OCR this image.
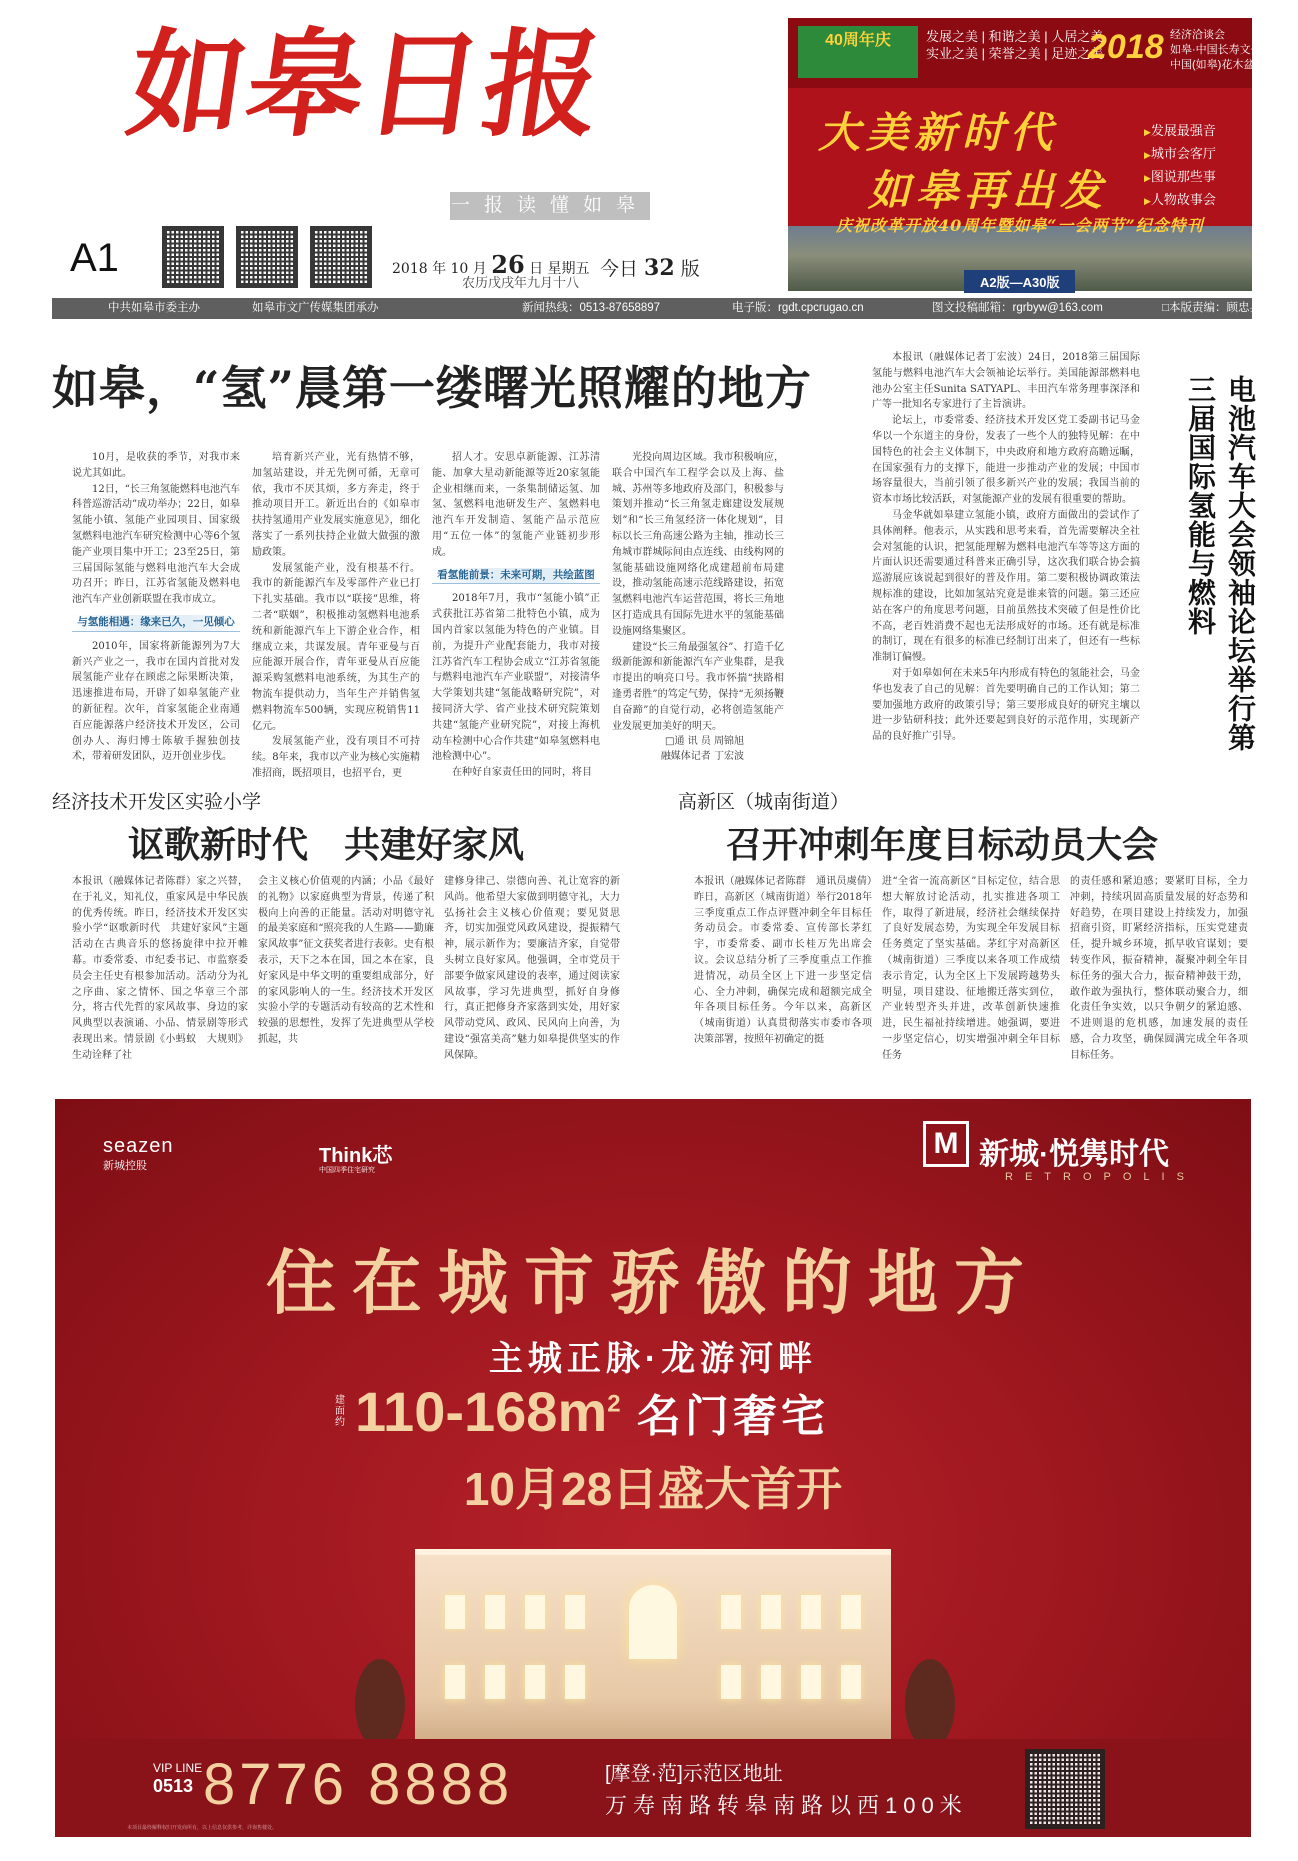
如皋日报
一报读懂如皋
A1	2018 年 10 月 26 日 星期五
农历戊戌年九月十八
今日 32 版
40周年庆	发展之美 | 和谐之美 | 人居之美
实业之美 | 荣誉之美 | 足迹之美
2018 经济洽谈会
如皋·中国长寿文化节
中国(如皋)花木盆景艺术节
大美新时代
如皋再出发
▶ 发展最强音
▶ 城市会客厅
▶ 图说那些事
▶ 人物故事会
庆祝改革开放40周年暨如皋“一会两节”纪念特刊
A2版—A30版
中共如皋市委主办	如皋市文广传媒集团承办	新闻热线：0513-87658897	电子版：rgdt.cpcrugao.cn	图文投稿邮箱：rgrbyw@163.com	□本版责编：顾忠兵
如皋，“氢”晨第一缕曙光照耀的地方

10月，是收获的季节，对我市来说尤其如此。

12日，“长三角氢能燃料电池汽车科普巡游活动”成功举办；22日，如皋氢能小镇、氢能产业园项目、国家级氢燃料电池汽车研究检测中心等6个氢能产业项目集中开工；23至25日，第三届国际氢能与燃料电池汽车大会成功召开；昨日，江苏省氢能及燃料电池汽车产业创新联盟在我市成立。

与氢能相遇：缘来已久，一见倾心

2010年，国家将新能源列为7大新兴产业之一，我市在国内首批对发展氢能产业存在顾虑之际果断决策，迅速推进布局，开辟了如皋氢能产业的新征程。次年，首家氢能企业南通百应能源落户经济技术开发区，公司创办人、海归博士陈敏手握独创技术，带着研发团队，迈开创业步伐。

培育新兴产业，光有热情不够，加氢站建设，并无先例可循，无章可依，我市不厌其烦，多方奔走，终于推动项目开工。新近出台的《如皋市扶持氢通用产业发展实施意见》，细化落实了一系列扶持企业做大做强的激励政策。

发展氢能产业，没有根基不行。我市的新能源汽车及零部件产业已打下扎实基础。我市以“联接”思维，将二者“联姻”，积极推动氢燃料电池系统和新能源汽车上下游企业合作，相继成立来，共谋发展。青年亚曼与百应能源开展合作，青年亚曼从百应能源采购氢燃料电池系统，为其生产的物流车提供动力，当年生产并销售氢燃料物流车500辆，实现应税销售11亿元。

发展氢能产业，没有项目不可持续。8年来，我市以产业为核心实施精准招商，既招项目，也招平台，更

招人才。安思卓新能源、江苏清能、加拿大星动新能源等近20家氢能企业相继而来，一条集制储运氢、加氢、氢燃料电池研发生产、氢燃料电池汽车开发制造、氢能产品示范应用“五位一体”的氢能产业链初步形成。

看氢能前景：未来可期，共绘蓝图

2018年7月，我市“氢能小镇”正式获批江苏省第二批特色小镇，成为国内首家以氢能为特色的产业镇。目前，为提升产业配套能力，我市对接江苏省汽车工程协会成立“江苏省氢能与燃料电池汽车产业联盟”，对接清华大学策划共建“氢能战略研究院”，对接同济大学、省产业技术研究院策划共建“氢能产业研究院”，对接上海机动车检测中心合作共建“如皋氢燃料电池检测中心”。

在种好自家责任田的同时，将目

光投向周边区域。我市积极响应，联合中国汽车工程学会以及上海、盐城、苏州等多地政府及部门，积极参与策划并推动“长三角氢走廊建设发展规划”和“长三角氢经济一体化规划”，目标以长三角高速公路为主轴，推动长三角城市群城际间由点连线、由线构网的氢能基础设施网络化成建超前布局建设，推动氢能高速示范线路建设，拓宽氢燃料电池汽车运营范围，将长三角地区打造成具有国际先进水平的氢能基础设施网络集聚区。

建设“长三角最强氢谷”、打造千亿级新能源和新能源汽车产业集群，是我市提出的响亮口号。我市怀揣“挟路相逢勇者胜”的笃定气势，保持“无须扬鞭自奋蹄”的自觉行动，必将创造氢能产业发展更加美好的明天。

□通 讯 员 周锦旭
融媒体记者 丁宏波

本报讯（融媒体记者丁宏波）24日，2018第三届国际氢能与燃料电池汽车大会领袖论坛举行。美国能源部燃料电池办公室主任Sunita SATYAPL、丰田汽车常务理事深泽和广等一批知名专家进行了主旨演讲。

论坛上，市委常委、经济技术开发区党工委副书记马金华以一个东道主的身份，发表了一些个人的独特见解：在中国特色的社会主义体制下，中央政府和地方政府高瞻远瞩，在国家强有力的支撑下，能进一步推动产业的发展；中国市场容量很大，当前引领了很多新兴产业的发展；我国当前的资本市场比较活跃，对氢能源产业的发展有很重要的帮助。

马金华就如皋建立氢能小镇，政府方面做出的尝试作了具体阐释。他表示，从实践和思考来看，首先需要解决全社会对氢能的认识，把氢能理解为燃料电池汽车等等这方面的片面认识还需要通过科普来正确引导，这次我们联合协会搞巡游展应该说起到很好的普及作用。第二要积极协调政策法规标准的建设，比如加氢站究竟是谁来管的问题。第三还应站在客户的角度思考问题，目前虽然技术突破了但是性价比不高，老百姓消费不起也无法形成好的市场。还有就是标准的制订，现在有很多的标准已经制订出来了，但还有一些标准制订偏慢。

对于如皋如何在未来5年内形成有特色的氢能社会，马金华也发表了自己的见解：首先要明确自己的工作认知；第二要加强地方政府的政策引导；第三要形成良好的研究主壤以进一步钻研科技；此外还要起到良好的示范作用，实现新产品的良好推广引导。	电池汽车大会领袖论坛举行第三届国际氢能与燃料
经济技术开发区实验小学
讴歌新时代　共建好家风
本报讯（融媒体记者陈群）家之兴替，在于礼义，知礼仪，重家风是中华民族的优秀传统。昨日，经济技术开发区实验小学“讴歌新时代　共建好家风”主题活动在古典音乐的悠扬旋律中拉开帷幕。市委常委、市纪委书记、市监察委员会主任史有根参加活动。活动分为礼之序曲、家之情怀、国之华章三个部分，将古代先哲的家风故事、身边的家风典型以表演诵、小品、情景剧等形式表现出来。情景剧《小蚂蚁　大规则》生动诠释了社
会主义核心价值观的内涵；小品《最好的礼物》以家庭典型为背景，传递了积极向上向善的正能量。活动对明德守礼的最美家庭和“照亮我的人生路——勤廉家风故事”征文获奖者进行表彰。史有根表示，天下之本在国，国之本在家，良好家风是中华文明的重要组成部分，好的家风影响人的一生。经济技术开发区实验小学的专题活动有较高的艺术性和较强的思想性，发挥了先进典型从学校抓起，共
建修身律己、崇德向善、礼让宽容的新风尚。他希望大家做到明德守礼，大力弘扬社会主义核心价值观；要见贤思齐，切实加强党风政风建设，提振精气神，展示新作为；要廉洁齐家，自觉带头树立良好家风。他强调，全市党员干部要争做家风建设的表率，通过阅读家风故事，学习先进典型，抓好自身修行，真正把修身齐家落到实处，用好家风带动党风、政风、民风向上向善，为建设“强富美高”魅力如皋提供坚实的作风保障。
高新区（城南街道）
召开冲刺年度目标动员大会
本报讯（融媒体记者陈群　通讯员虞倩）昨日，高新区（城南街道）举行2018年三季度重点工作点评暨冲刺全年目标任务动员会。市委常委、宣传部长茅红宇，市委常委、副市长桂万先出席会议。会议总结分析了三季度重点工作推进情况，动员全区上下进一步坚定信心、全力冲刺，确保完成和超额完成全年各项目标任务。今年以来，高新区（城南街道）认真贯彻落实市委市各项决策部署，按照年初确定的挺
进“全省一流高新区”目标定位，结合思想大解放讨论活动，扎实推进各项工作，取得了新进展，经济社会继续保持了良好发展态势，为实现全年发展目标任务奠定了坚实基础。茅红宇对高新区（城南街道）三季度以来各项工作成绩表示肯定，认为全区上下发展跨越势头明显，项目建设、征地搬迁落实到位，产业转型齐头并进，改革创新快速推进，民生福祉持续增进。她强调，要进一步坚定信心，切实增强冲刺全年目标任务
的责任感和紧迫感；要紧盯目标，全力冲刺，持续巩固高质量发展的好态势和好趋势，在项目建设上持续发力，加强招商引资，盯紧经济指标，压实党建责任，提升城乡环境，抓早收官谋划；要转变作风，振奋精神，凝聚冲刺全年目标任务的强大合力，振奋精神鼓干劲，敢作敢为强执行，整体联动聚合力，细化责任争实效，以只争朝夕的紧迫感、不进则退的危机感，加速发展的责任感，合力攻坚，确保圆满完成全年各项目标任务。
seazen
新城控股	Think芯
中国四季住宅研究
M 新城·悦隽时代
RETROPOLIS
住在城市骄傲的地方
主城正脉·龙游河畔
建面约 $110-168m^2$ 名门奢宅
10月28日盛大首开
VIP LINE
0513 8776 8888	[摩登·范]示范区地址
万寿南路转皋南路以西100米
本项目最终解释权归开发商所有，以上信息仅供参考，详询售楼处。
